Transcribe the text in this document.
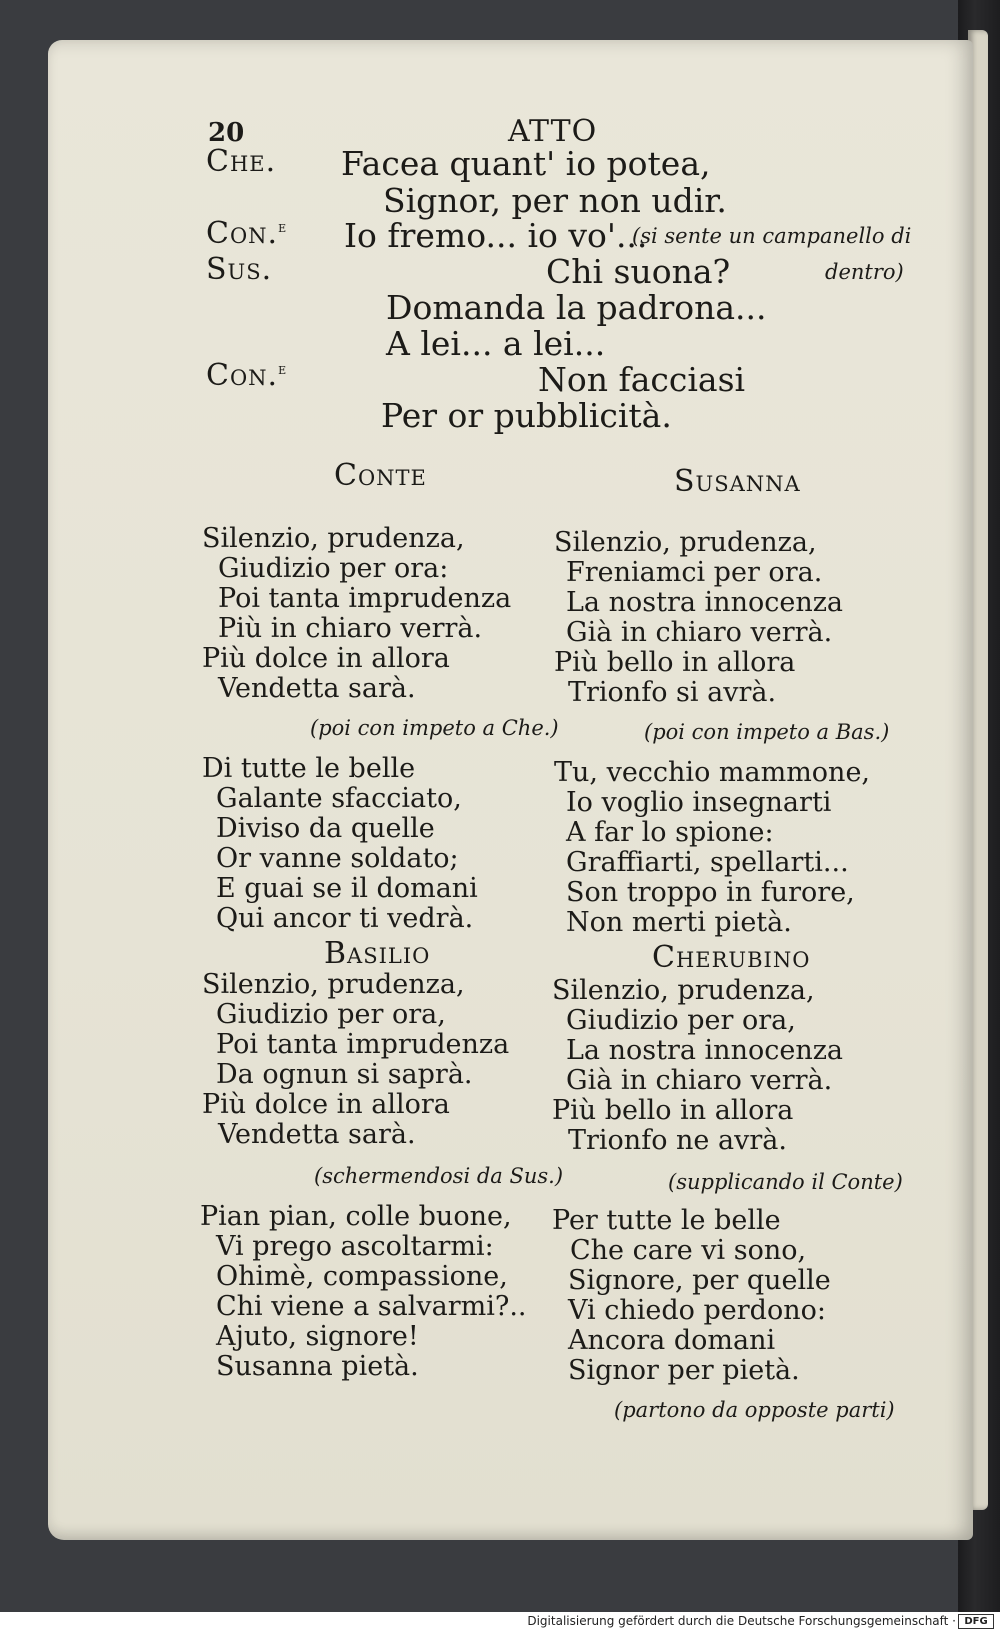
20	ATTO
Che. Facea quant' io potea,
Signor, per non udir.
Con.$^e$ Io fremo... io vo'...
(si sente un campanello di
Sus.	Chi suona?	dentro)
Domanda la padrona...
A lei... a lei...
Con.$^e$	Non facciasi
Per or pubblicità.
Conte	Susanna
Silenzio, prudenza,
Giudizio per ora:
Poi tanta imprudenza
Più in chiaro verrà.
Più dolce in allora
Vendetta sarà.
Silenzio, prudenza,
Freniamci per ora.
La nostra innocenza
Già in chiaro verrà.
Più bello in allora
Trionfo si avrà.
(poi con impeto a Che.)	(poi con impeto a Bas.)
Di tutte le belle
Galante sfacciato,
Diviso da quelle
Or vanne soldato;
E guai se il domani
Qui ancor ti vedrà.
Tu, vecchio mammone,
Io voglio insegnarti
A far lo spione:
Graffiarti, spellarti...
Son troppo in furore,
Non merti pietà.
Basilio	Cherubino
Silenzio, prudenza,
Giudizio per ora,
Poi tanta imprudenza
Da ognun si saprà.
Più dolce in allora
Vendetta sarà.
Silenzio, prudenza,
Giudizio per ora,
La nostra innocenza
Già in chiaro verrà.
Più bello in allora
Trionfo ne avrà.
(schermendosi da Sus.)	(supplicando il Conte)
Pian pian, colle buone,
Vi prego ascoltarmi:
Ohimè, compassione,
Chi viene a salvarmi?..
Ajuto, signore!
Susanna pietà.
Per tutte le belle
Che care vi sono,
Signore, per quelle
Vi chiedo perdono:
Ancora domani
Signor per pietà.
(partono da opposte parti)
Digitalisierung gefördert durch die Deutsche Forschungsgemeinschaft · DFG
